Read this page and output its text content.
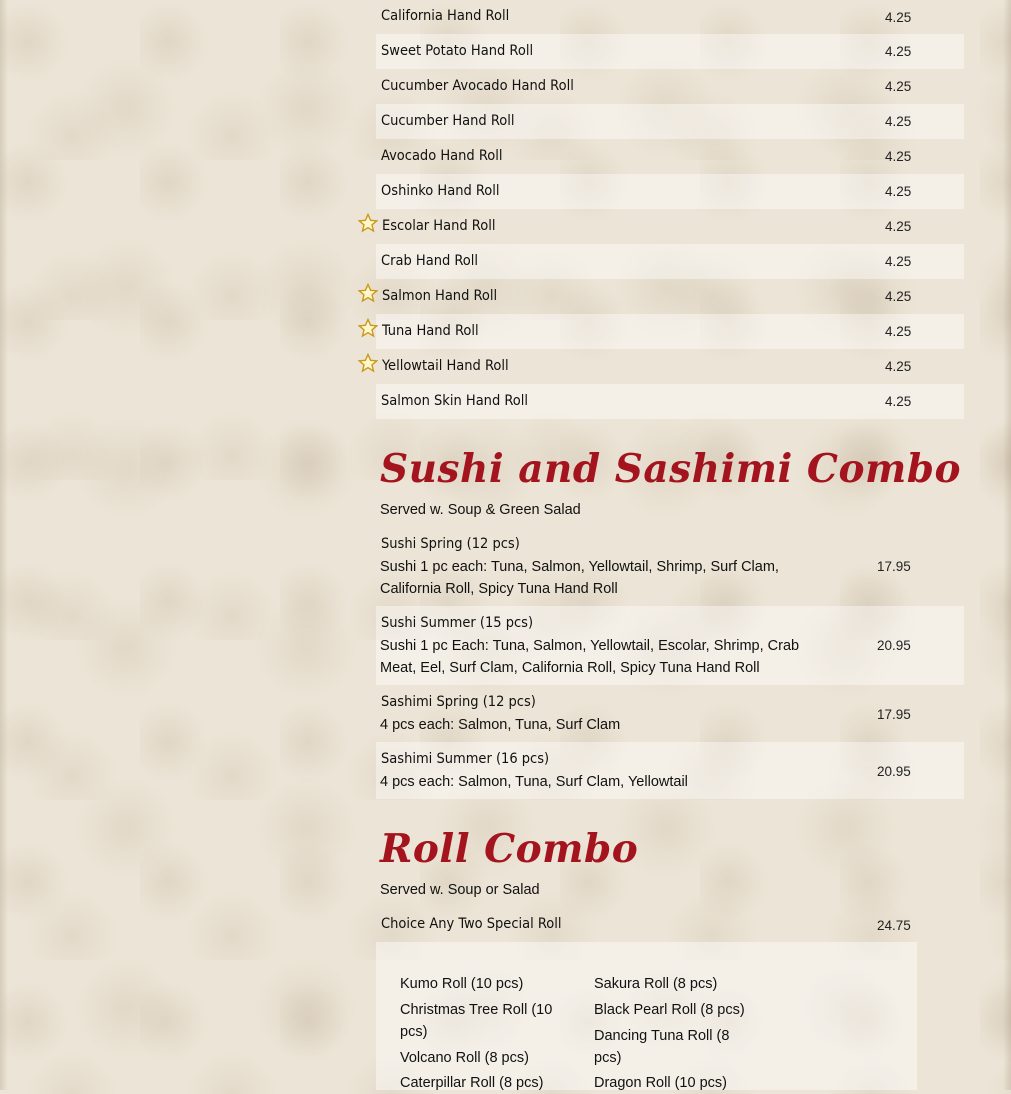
California Hand Roll	4.25
Sweet Potato Hand Roll	4.25
Cucumber Avocado Hand Roll	4.25
Cucumber Hand Roll	4.25
Avocado Hand Roll	4.25
Oshinko Hand Roll	4.25
Escolar Hand Roll	4.25
Crab Hand Roll	4.25
Salmon Hand Roll	4.25
Tuna Hand Roll	4.25
Yellowtail Hand Roll	4.25
Salmon Skin Hand Roll	4.25
Sushi and Sashimi Combo
Served w. Soup & Green Salad
Sushi Spring (12 pcs)
Sushi 1 pc each: Tuna, Salmon, Yellowtail, Shrimp, Surf Clam, California Roll, Spicy Tuna Hand Roll
17.95
Sushi Summer (15 pcs)
Sushi 1 pc Each: Tuna, Salmon, Yellowtail, Escolar, Shrimp, Crab Meat, Eel, Surf Clam, California Roll, Spicy Tuna Hand Roll
20.95
Sashimi Spring (12 pcs)
4 pcs each: Salmon, Tuna, Surf Clam
17.95
Sashimi Summer (16 pcs)
4 pcs each: Salmon, Tuna, Surf Clam, Yellowtail
20.95
Roll Combo
Served w. Soup or Salad
Choice Any Two Special Roll	24.75
Kumo Roll (10 pcs)
Christmas Tree Roll (10 pcs)
Volcano Roll (8 pcs)
Caterpillar Roll (8 pcs)
Sakura Roll (8 pcs)
Black Pearl Roll (8 pcs)
Dancing Tuna Roll (8 pcs)
Dragon Roll (10 pcs)
